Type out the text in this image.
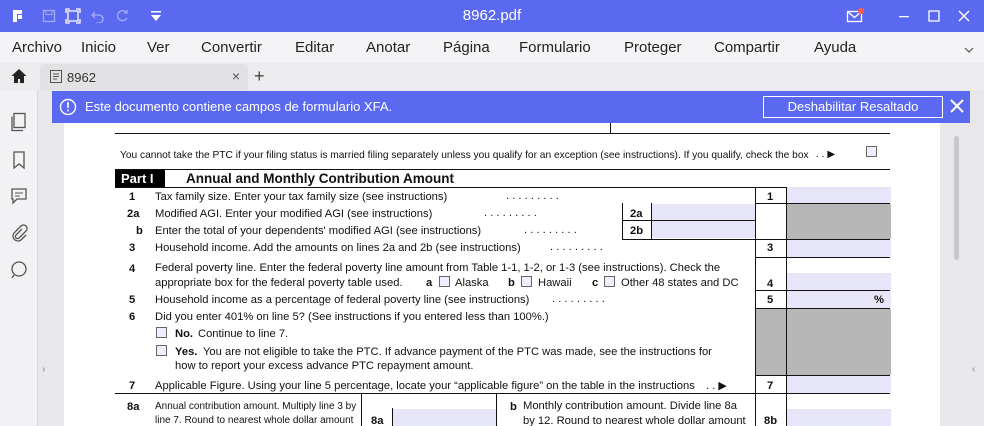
8962.pdf
Archivo Inicio Ver Convertir Editar Anotar Página Formulario Proteger Compartir Ayuda
8962	× +
›	‹
Este documento contiene campos de formulario XFA.	Deshabilitar Resaltado
You cannot take the PTC if your filing status is married filing separately unless you qualify for an exception (see instructions). If you qualify, check the box . . ▶
Part I	Annual and Monthly Contribution Amount
1 Tax family size. Enter your tax family size (see instructions)	. . . . . . . . .	1
2a Modified AGI. Enter your modified AGI (see instructions)	. . . . . . . . .	2a
b Enter the total of your dependents' modified AGI (see instructions)	. . . . . . . . .	2b
3 Household income. Add the amounts on lines 2a and 2b (see instructions)	. . . . . . . . .	3
4 Federal poverty line. Enter the federal poverty line amount from Table 1-1, 1-2, or 1-3 (see instructions). Check the
appropriate box for the federal poverty table used. a Alaska b Hawaii c Other 48 states and DC	4
5 Household income as a percentage of federal poverty line (see instructions) . . . . . . . . .	5	%
6 Did you enter 401% on line 5? (See instructions if you entered less than 100%.)
No. Continue to line 7.
Yes. You are not eligible to take the PTC. If advance payment of the PTC was made, see the instructions for
how to report your excess advance PTC repayment amount.
7 Applicable Figure. Using your line 5 percentage, locate your “applicable figure” on the table in the instructions . . ▶	7
8a Annual contribution amount. Multiply line 3 by
line 7. Round to nearest whole dollar amount 8a
b Monthly contribution amount. Divide line 8a
by 12. Round to nearest whole dollar amount 8b
